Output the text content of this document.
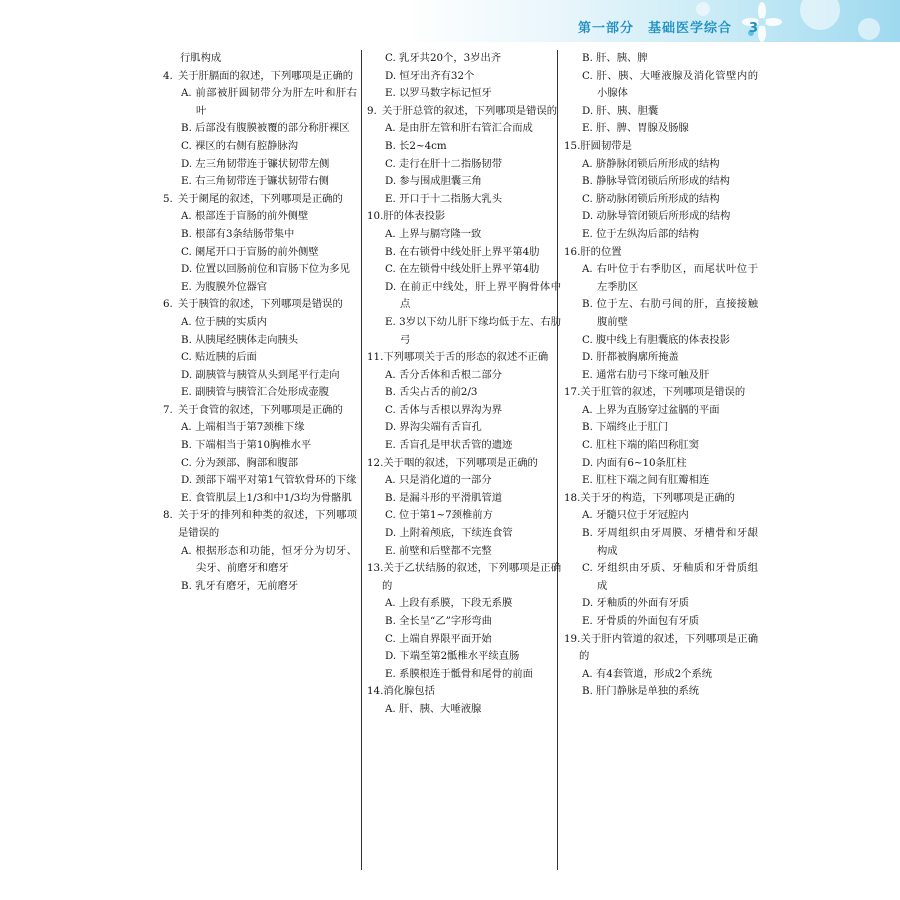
第一部分　基础医学综合 3
行肌构成
4. 关于肝膈面的叙述，下列哪项是正确的
A. 前部被肝圆韧带分为肝左叶和肝右叶
B. 后部没有腹膜被覆的部分称肝裸区
C. 裸区的右侧有腔静脉沟
D. 左三角韧带连于镰状韧带左侧
E. 右三角韧带连于镰状韧带右侧
5. 关于阑尾的叙述，下列哪项是正确的
A. 根部连于盲肠的前外侧壁
B. 根部有3条结肠带集中
C. 阑尾开口于盲肠的前外侧壁
D. 位置以回肠前位和盲肠下位为多见
E. 为腹膜外位器官
6. 关于胰管的叙述，下列哪项是错误的
A. 位于胰的实质内
B. 从胰尾经胰体走向胰头
C. 贴近胰的后面
D. 副胰管与胰管从头到尾平行走向
E. 副胰管与胰管汇合处形成壶腹
7. 关于食管的叙述，下列哪项是正确的
A. 上端相当于第7颈椎下缘
B. 下端相当于第10胸椎水平
C. 分为颈部、胸部和腹部
D. 颈部下端平对第1气管软骨环的下缘
E. 食管肌层上1/3和中1/3均为骨骼肌
8. 关于牙的排列和种类的叙述，下列哪项是错误的
A. 根据形态和功能，恒牙分为切牙、尖牙、前磨牙和磨牙
B. 乳牙有磨牙，无前磨牙
C. 乳牙共20个，3岁出齐
D. 恒牙出齐有32个
E. 以罗马数字标记恒牙
9. 关于肝总管的叙述，下列哪项是错误的
A. 是由肝左管和肝右管汇合而成
B. 长2~4cm
C. 走行在肝十二指肠韧带
D. 参与围成胆囊三角
E. 开口于十二指肠大乳头
10.肝的体表投影
A. 上界与膈穹隆一致
B. 在右锁骨中线处肝上界平第4肋
C. 在左锁骨中线处肝上界平第4肋
D. 在前正中线处，肝上界平胸骨体中点
E. 3岁以下幼儿肝下缘均低于左、右肋弓
11.下列哪项关于舌的形态的叙述不正确
A. 舌分舌体和舌根二部分
B. 舌尖占舌的前2/3
C. 舌体与舌根以界沟为界
D. 界沟尖端有舌盲孔
E. 舌盲孔是甲状舌管的遗迹
12.关于咽的叙述，下列哪项是正确的
A. 只是消化道的一部分
B. 是漏斗形的平滑肌管道
C. 位于第1~7颈椎前方
D. 上附着颅底，下续连食管
E. 前壁和后壁都不完整
13.关于乙状结肠的叙述，下列哪项是正确的
A. 上段有系膜，下段无系膜
B. 全长呈“乙”字形弯曲
C. 上端自界限平面开始
D. 下端至第2骶椎水平续直肠
E. 系膜根连于骶骨和尾骨的前面
14.消化腺包括
A. 肝、胰、大唾液腺
B. 肝、胰、脾
C. 肝、胰、大唾液腺及消化管壁内的小腺体
D. 肝、胰、胆囊
E. 肝、脾、胃腺及肠腺
15.肝圆韧带是
A. 脐静脉闭锁后所形成的结构
B. 静脉导管闭锁后所形成的结构
C. 脐动脉闭锁后所形成的结构
D. 动脉导管闭锁后所形成的结构
E. 位于左纵沟后部的结构
16.肝的位置
A. 右叶位于右季肋区，而尾状叶位于左季肋区
B. 位于左、右肋弓间的肝，直接接触腹前壁
C. 腹中线上有胆囊底的体表投影
D. 肝都被胸廓所掩盖
E. 通常右肋弓下缘可触及肝
17.关于肛管的叙述，下列哪项是错误的
A. 上界为直肠穿过盆膈的平面
B. 下端终止于肛门
C. 肛柱下端的陷凹称肛窦
D. 内面有6~10条肛柱
E. 肛柱下端之间有肛瓣相连
18.关于牙的构造，下列哪项是正确的
A. 牙髓只位于牙冠腔内
B. 牙周组织由牙周膜、牙槽骨和牙龈构成
C. 牙组织由牙质、牙釉质和牙骨质组成
D. 牙釉质的外面有牙质
E. 牙骨质的外面包有牙质
19.关于肝内管道的叙述，下列哪项是正确的
A. 有4套管道，形成2个系统
B. 肝门静脉是单独的系统
